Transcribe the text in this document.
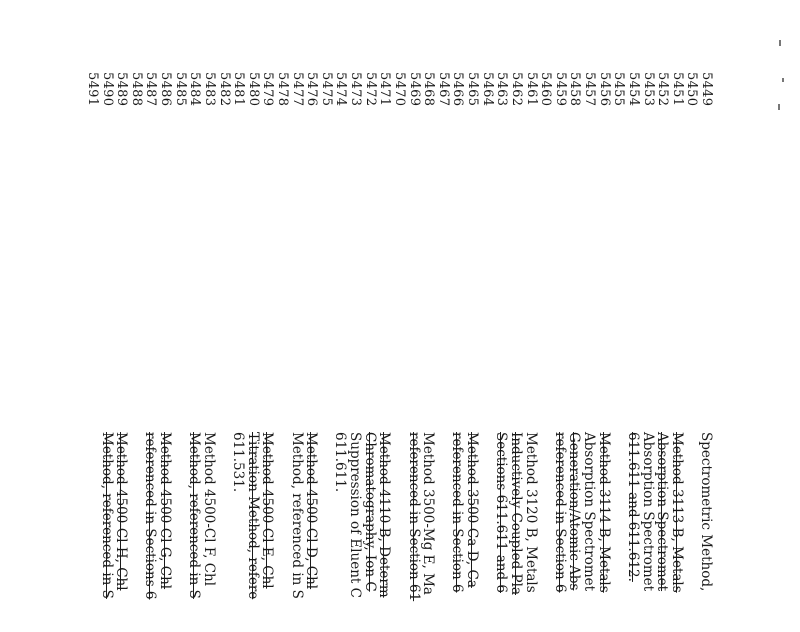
5449
5450
5451
5452
5453
5454
5455
5456
5457
5458
5459
5460
5461
5462
5463
5464
5465
5466
5467
5468
5469
5470
5471
5472
5473
5474
5475
5476
5477
5478
5479
5480
5481
5482
5483
5484
5485
5486
5487
5488
5489
5490
5491
Spectrometric Method,
Method 3113 B, Metals
Absorption Spectromet
Absorption Spectromet
611.611 and 611.612.
Method 3114 B, Metals
Absorption Spectromet
Generation/Atomic Abs
referenced in Section 6
Method 3120 B, Metals
Inductively Coupled Pla
Sections 611.611 and 6
Method 3500-Ca D, Ca
referenced in Section 6
Method 3500-Mg E, Ma
referenced in Section 61
Method 4110 B, Determ
Chromatography, Ion C
Suppression of Eluent C
611.611.
Method 4500-Cl D, Chl
Method, referenced in S
Method 4500-Cl E, Chl
Titration Method, refere
611.531.
Method 4500-Cl F, Chl
Method, referenced in S
Method 4500-Cl G, Chl
referenced in Sections 6
Method 4500-Cl H, Chl
Method, referenced in S
